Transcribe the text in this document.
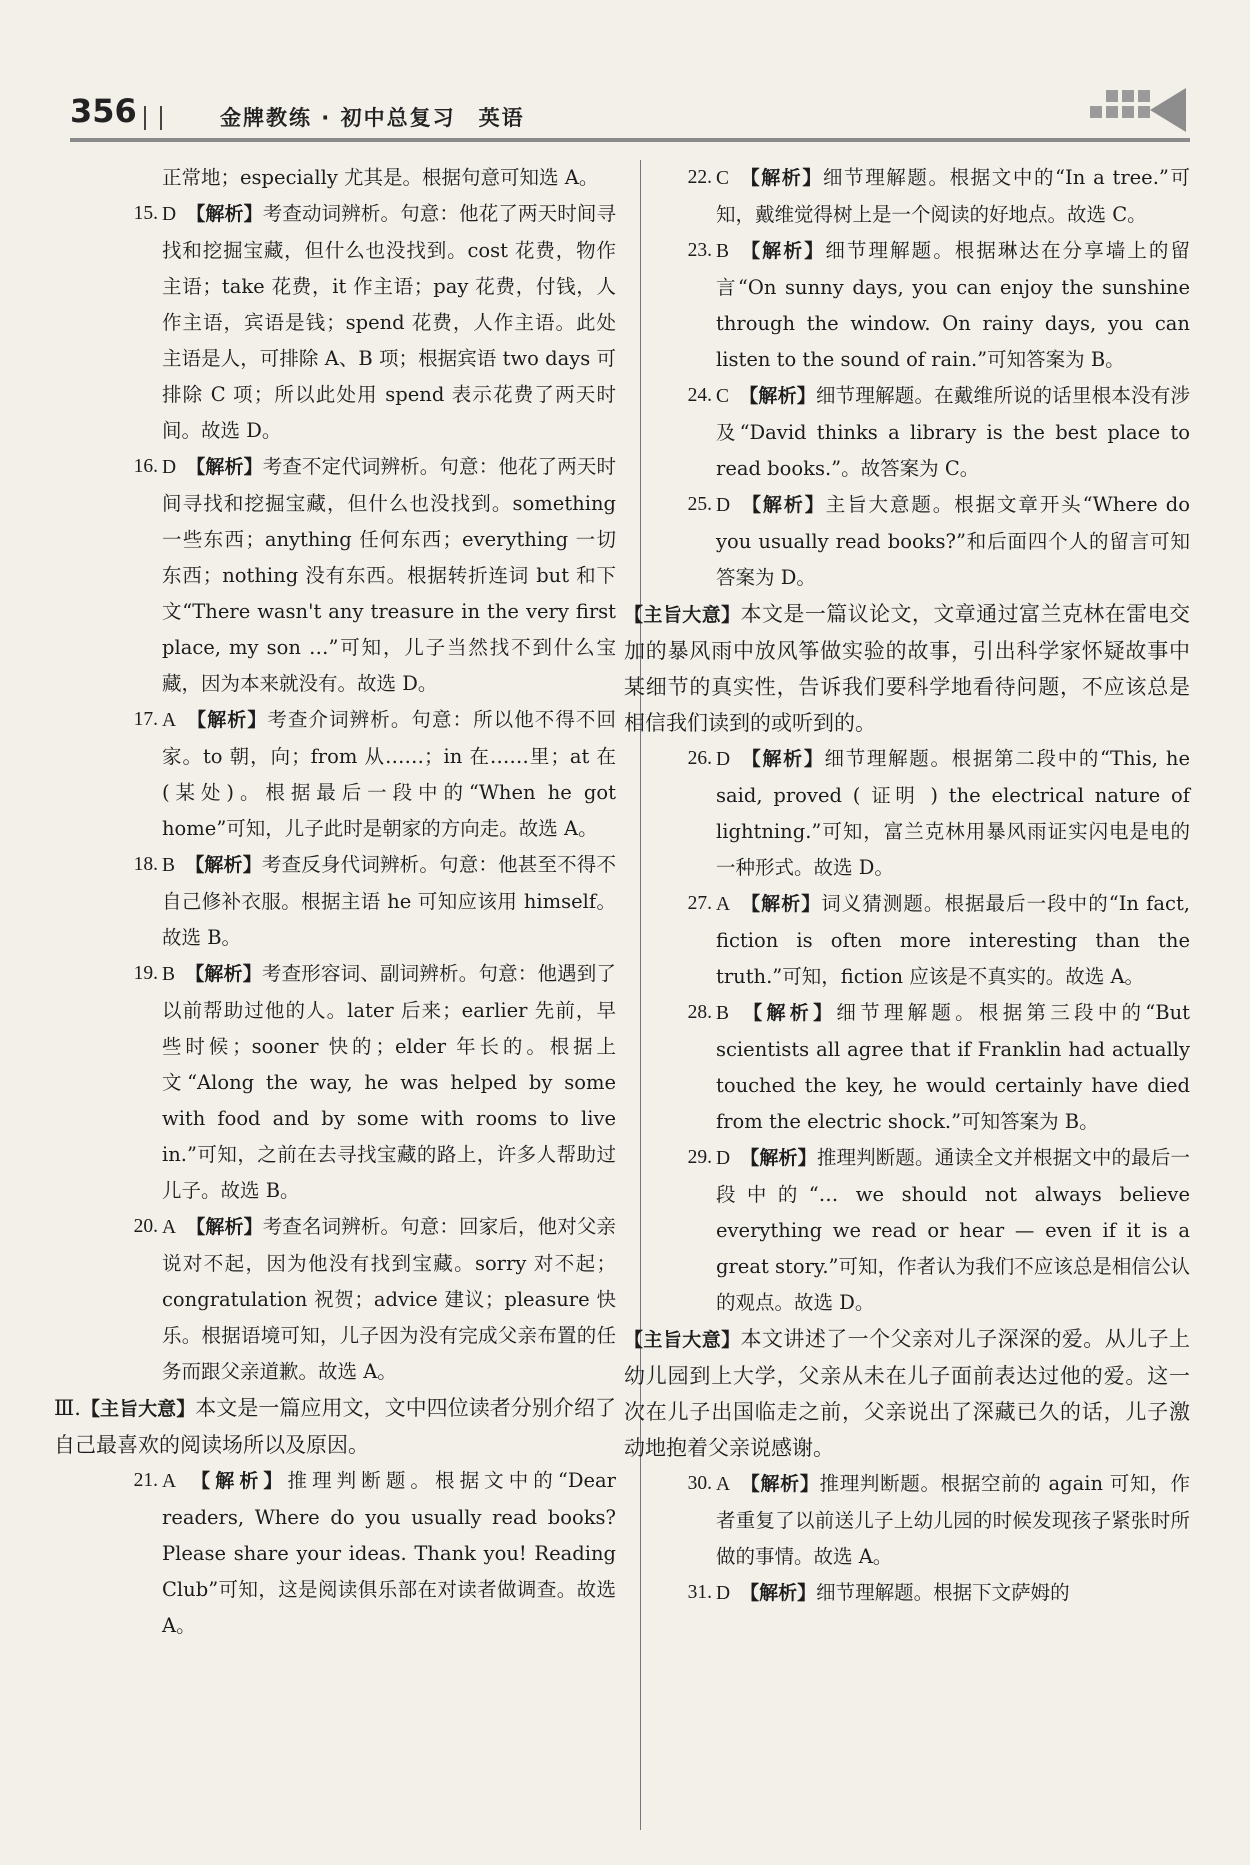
356	金牌教练 · 初中总复习　英语

正常地；especially 尤其是。根据句意可知选 A。

15. D 【解析】考查动词辨析。句意：他花了两天时间寻找和挖掘宝藏，但什么也没找到。cost 花费，物作主语；take 花费，it 作主语；pay 花费，付钱，人作主语，宾语是钱；spend 花费，人作主语。此处主语是人，可排除 A、B 项；根据宾语 two days 可排除 C 项；所以此处用 spend 表示花费了两天时间。故选 D。

16. D 【解析】考查不定代词辨析。句意：他花了两天时间寻找和挖掘宝藏，但什么也没找到。something 一些东西；anything 任何东西；everything 一切东西；nothing 没有东西。根据转折连词 but 和下文“There wasn't any treasure in the very first place, my son …”可知，儿子当然找不到什么宝藏，因为本来就没有。故选 D。

17. A 【解析】考查介词辨析。句意：所以他不得不回家。to 朝，向；from 从……；in 在……里；at 在(某处)。根据最后一段中的“When he got home”可知，儿子此时是朝家的方向走。故选 A。

18. B 【解析】考查反身代词辨析。句意：他甚至不得不自己修补衣服。根据主语 he 可知应该用 himself。故选 B。

19. B 【解析】考查形容词、副词辨析。句意：他遇到了以前帮助过他的人。later 后来；earlier 先前，早些时候；sooner 快的；elder 年长的。根据上文“Along the way, he was helped by some with food and by some with rooms to live in.”可知，之前在去寻找宝藏的路上，许多人帮助过儿子。故选 B。

20. A 【解析】考查名词辨析。句意：回家后，他对父亲说对不起，因为他没有找到宝藏。sorry 对不起；congratulation 祝贺；advice 建议；pleasure 快乐。根据语境可知，儿子因为没有完成父亲布置的任务而跟父亲道歉。故选 A。

Ⅲ.【主旨大意】本文是一篇应用文，文中四位读者分别介绍了自己最喜欢的阅读场所以及原因。

21. A 【解析】推理判断题。根据文中的“Dear readers, Where do you usually read books? Please share your ideas. Thank you! Reading Club”可知，这是阅读俱乐部在对读者做调查。故选 A。

22. C 【解析】细节理解题。根据文中的“In a tree.”可知，戴维觉得树上是一个阅读的好地点。故选 C。

23. B 【解析】细节理解题。根据琳达在分享墙上的留言“On sunny days, you can enjoy the sunshine through the window. On rainy days, you can listen to the sound of rain.”可知答案为 B。

24. C 【解析】细节理解题。在戴维所说的话里根本没有涉及“David thinks a library is the best place to read books.”。故答案为 C。

25. D 【解析】主旨大意题。根据文章开头“Where do you usually read books?”和后面四个人的留言可知答案为 D。

【主旨大意】本文是一篇议论文，文章通过富兰克林在雷电交加的暴风雨中放风筝做实验的故事，引出科学家怀疑故事中某细节的真实性，告诉我们要科学地看待问题，不应该总是相信我们读到的或听到的。

26. D 【解析】细节理解题。根据第二段中的“This, he said, proved ( 证明 ) the electrical nature of lightning.”可知，富兰克林用暴风雨证实闪电是电的一种形式。故选 D。

27. A 【解析】词义猜测题。根据最后一段中的“In fact, fiction is often more interesting than the truth.”可知，fiction 应该是不真实的。故选 A。

28. B 【解析】细节理解题。根据第三段中的“But scientists all agree that if Franklin had actually touched the key, he would certainly have died from the electric shock.”可知答案为 B。

29. D 【解析】推理判断题。通读全文并根据文中的最后一段中的“… we should not always believe everything we read or hear — even if it is a great story.”可知，作者认为我们不应该总是相信公认的观点。故选 D。

【主旨大意】本文讲述了一个父亲对儿子深深的爱。从儿子上幼儿园到上大学，父亲从未在儿子面前表达过他的爱。这一次在儿子出国临走之前，父亲说出了深藏已久的话，儿子激动地抱着父亲说感谢。

30. A 【解析】推理判断题。根据空前的 again 可知，作者重复了以前送儿子上幼儿园的时候发现孩子紧张时所做的事情。故选 A。

31. D 【解析】细节理解题。根据下文萨姆的
